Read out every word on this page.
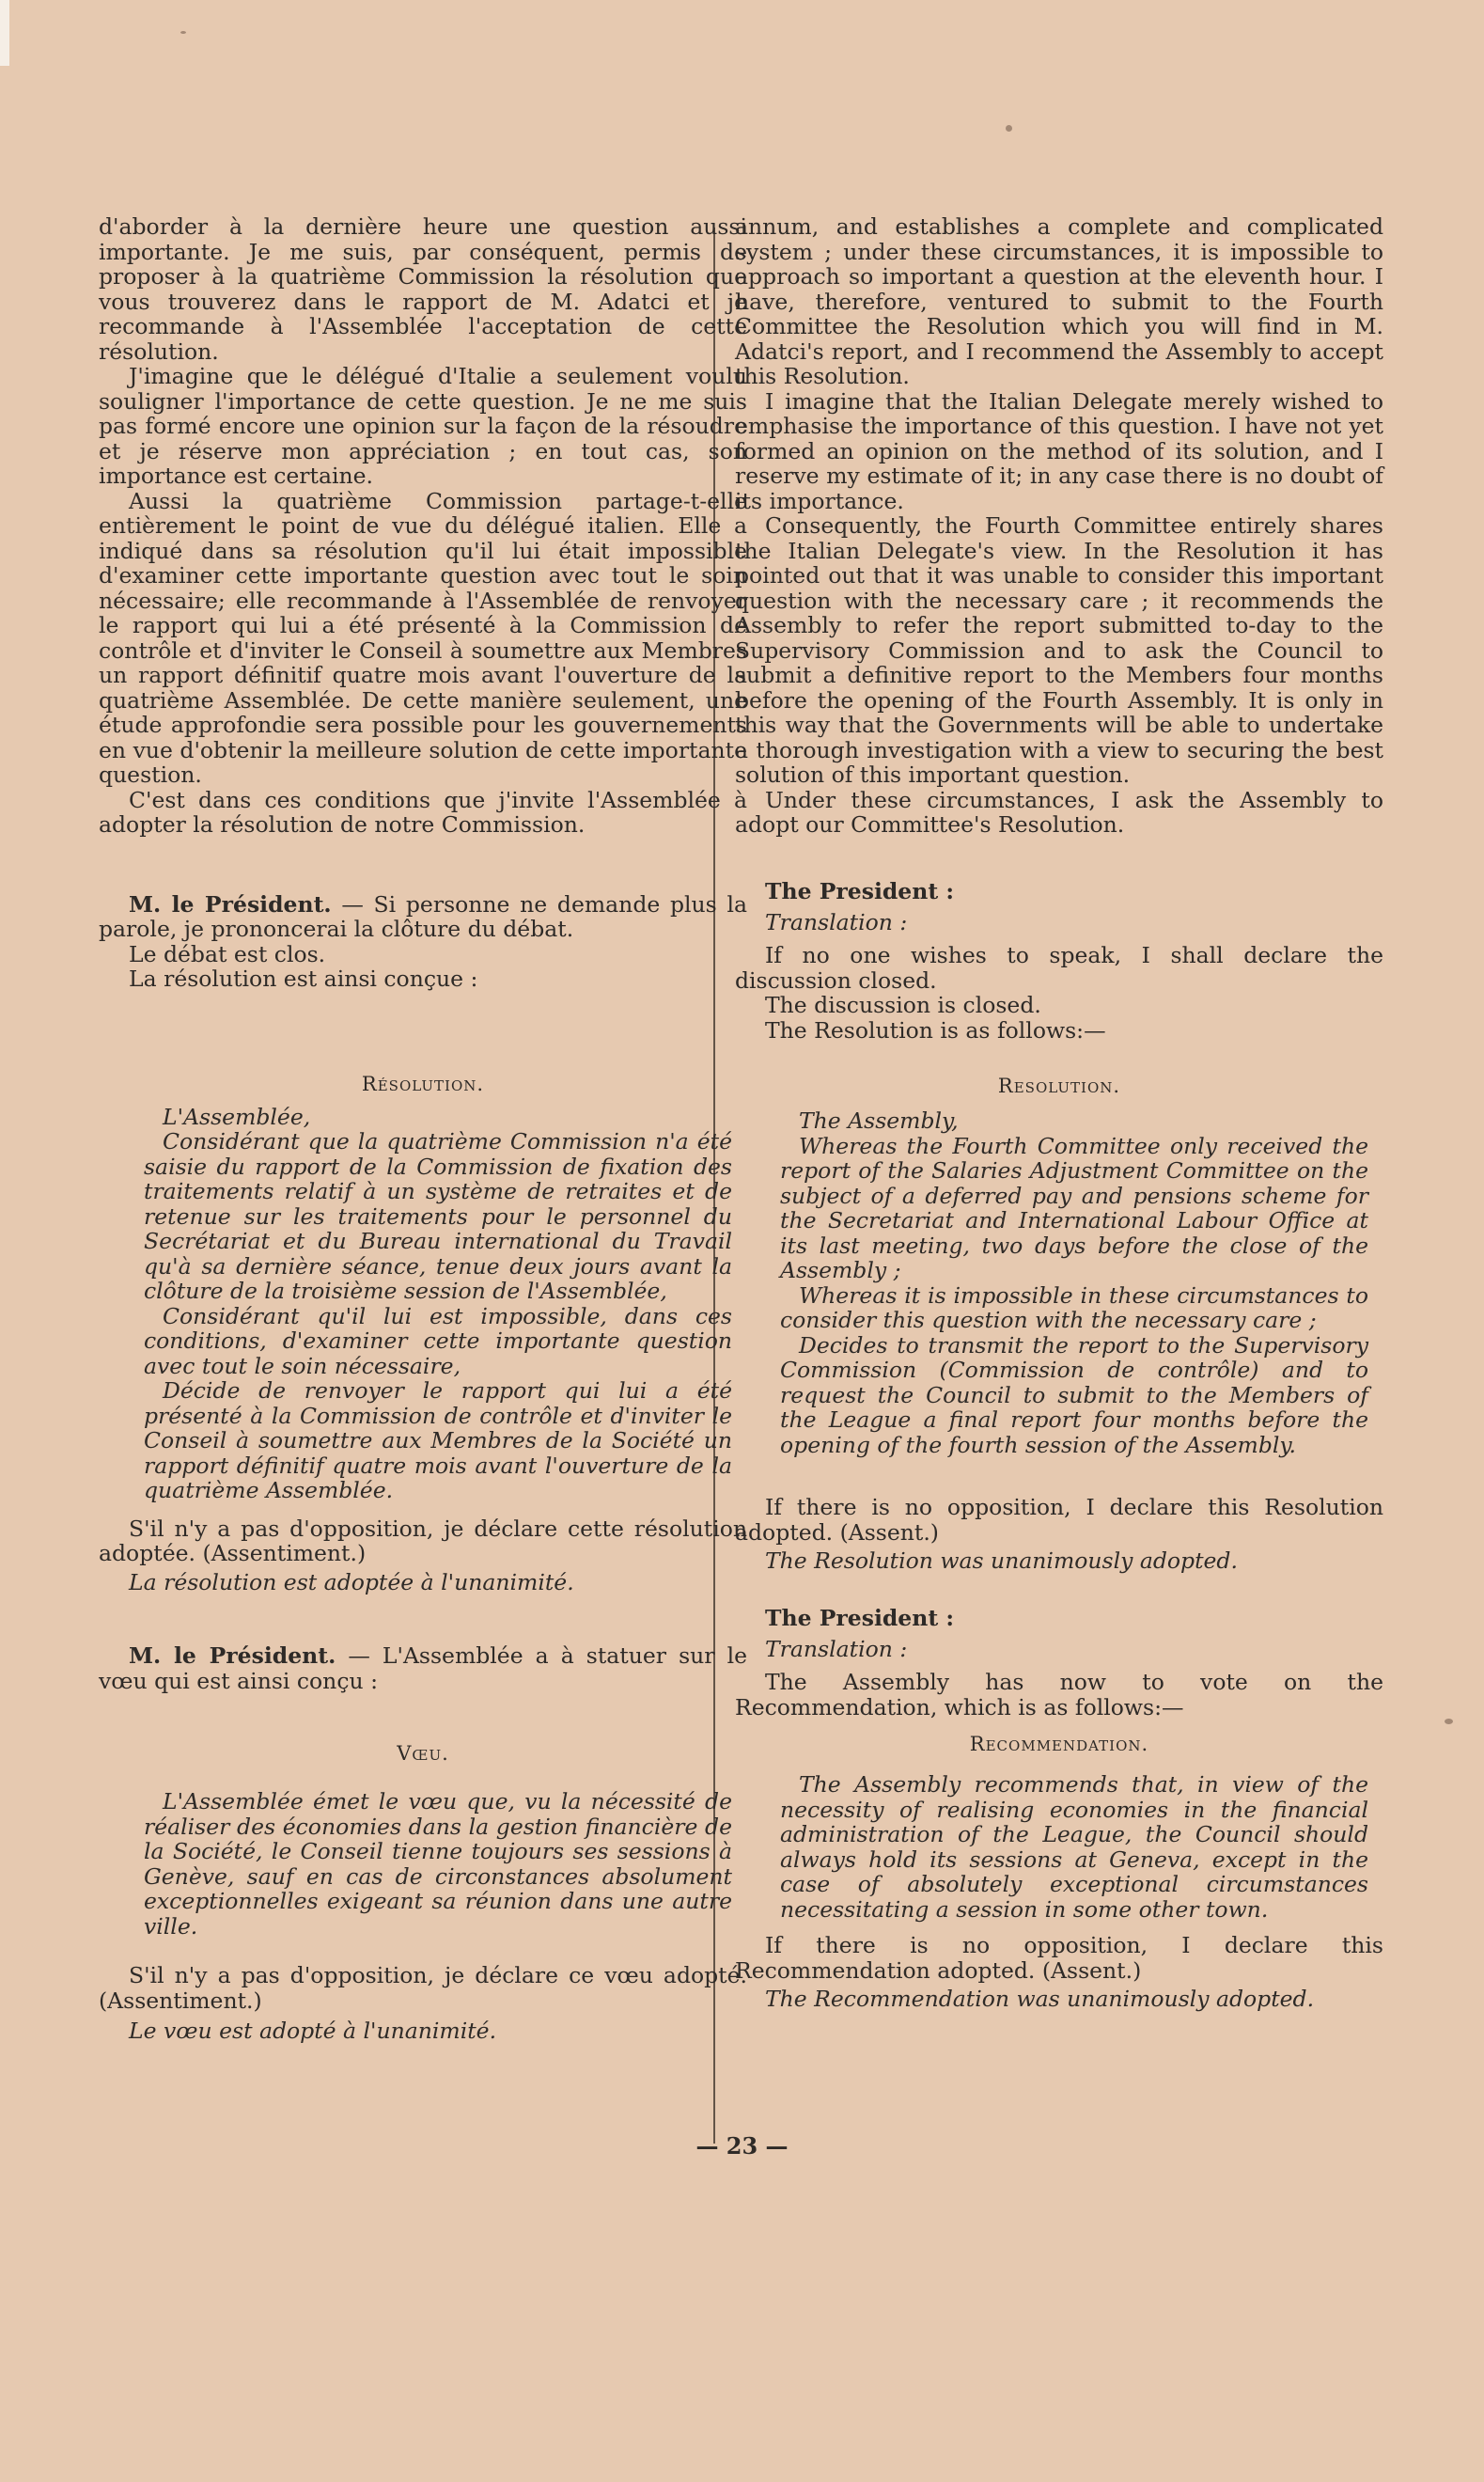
d'aborder à la dernière heure une question aussi importante. Je me suis, par conséquent, permis de proposer à la quatrième Commission la résolution que vous trouverez dans le rapport de M. Adatci et je recommande à l'Assemblée l'acceptation de cette résolution.

J'imagine que le délégué d'Italie a seulement voulu souligner l'importance de cette question. Je ne me suis pas formé encore une opinion sur la façon de la résoudre et je réserve mon appréciation ; en tout cas, son importance est certaine.

Aussi la quatrième Commission partage-t-elle entièrement le point de vue du délégué italien. Elle a indiqué dans sa résolution qu'il lui était impossible d'examiner cette importante question avec tout le soin nécessaire; elle recommande à l'Assemblée de renvoyer le rapport qui lui a été présenté à la Commission de contrôle et d'inviter le Conseil à soumettre aux Membres un rapport définitif quatre mois avant l'ouverture de la quatrième Assemblée. De cette manière seulement, une étude approfondie sera possible pour les gouvernements en vue d'obtenir la meilleure solution de cette importante question.

C'est dans ces conditions que j'invite l'Assemblée à adopter la résolution de notre Commission.

M. le Président. — Si personne ne demande plus la parole, je prononcerai la clôture du débat.

Le débat est clos.

La résolution est ainsi conçue :

Résolution.

L'Assemblée,

Considérant que la quatrième Commission n'a été saisie du rapport de la Commission de fixation des traitements relatif à un système de retraites et de retenue sur les traitements pour le personnel du Secrétariat et du Bureau international du Travail qu'à sa dernière séance, tenue deux jours avant la clôture de la troisième session de l'Assemblée,

Considérant qu'il lui est impossible, dans ces conditions, d'examiner cette importante question avec tout le soin nécessaire,

Décide de renvoyer le rapport qui lui a été présenté à la Commission de contrôle et d'inviter le Conseil à soumettre aux Membres de la Société un rapport définitif quatre mois avant l'ouverture de la quatrième Assemblée.

S'il n'y a pas d'opposition, je déclare cette résolution adoptée. (Assentiment.)

La résolution est adoptée à l'unanimité.

M. le Président. — L'Assemblée a à statuer sur le vœu qui est ainsi conçu :

Vœu.

L'Assemblée émet le vœu que, vu la nécessité de réaliser des économies dans la gestion financière de la Société, le Conseil tienne toujours ses sessions à Genève, sauf en cas de circonstances absolument exceptionnelles exigeant sa réunion dans une autre ville.

S'il n'y a pas d'opposition, je déclare ce vœu adopté. (Assentiment.)

Le vœu est adopté à l'unanimité.

annum, and establishes a complete and complicated system ; under these circumstances, it is impossible to approach so important a question at the eleventh hour. I have, therefore, ventured to submit to the Fourth Committee the Resolution which you will find in M. Adatci's report, and I recommend the Assembly to accept this Resolution.

I imagine that the Italian Delegate merely wished to emphasise the importance of this question. I have not yet formed an opinion on the method of its solution, and I reserve my estimate of it; in any case there is no doubt of its importance.

Consequently, the Fourth Committee entirely shares the Italian Delegate's view. In the Resolution it has pointed out that it was unable to consider this important question with the necessary care ; it recommends the Assembly to refer the report submitted to-day to the Supervisory Commission and to ask the Council to submit a definitive report to the Members four months before the opening of the Fourth Assembly. It is only in this way that the Governments will be able to undertake a thorough investigation with a view to securing the best solution of this important question.

Under these circumstances, I ask the Assembly to adopt our Committee's Resolution.

The President :

Translation :

If no one wishes to speak, I shall declare the discussion closed.

The discussion is closed.

The Resolution is as follows:—

Resolution.

The Assembly,

Whereas the Fourth Committee only received the report of the Salaries Adjustment Committee on the subject of a deferred pay and pensions scheme for the Secretariat and International Labour Office at its last meeting, two days before the close of the Assembly ;

Whereas it is impossible in these circumstances to consider this question with the necessary care ;

Decides to transmit the report to the Supervisory Commission (Commission de contrôle) and to request the Council to submit to the Members of the League a final report four months before the opening of the fourth session of the Assembly.

If there is no opposition, I declare this Resolution adopted. (Assent.)

The Resolution was unanimously adopted.

The President :

Translation :

The Assembly has now to vote on the Recommendation, which is as follows:—

Recommendation.

The Assembly recommends that, in view of the necessity of realising economies in the financial administration of the League, the Council should always hold its sessions at Geneva, except in the case of absolutely exceptional circumstances necessitating a session in some other town.

If there is no opposition, I declare this Recommendation adopted. (Assent.)

The Recommendation was unanimously adopted.

— 23 —
